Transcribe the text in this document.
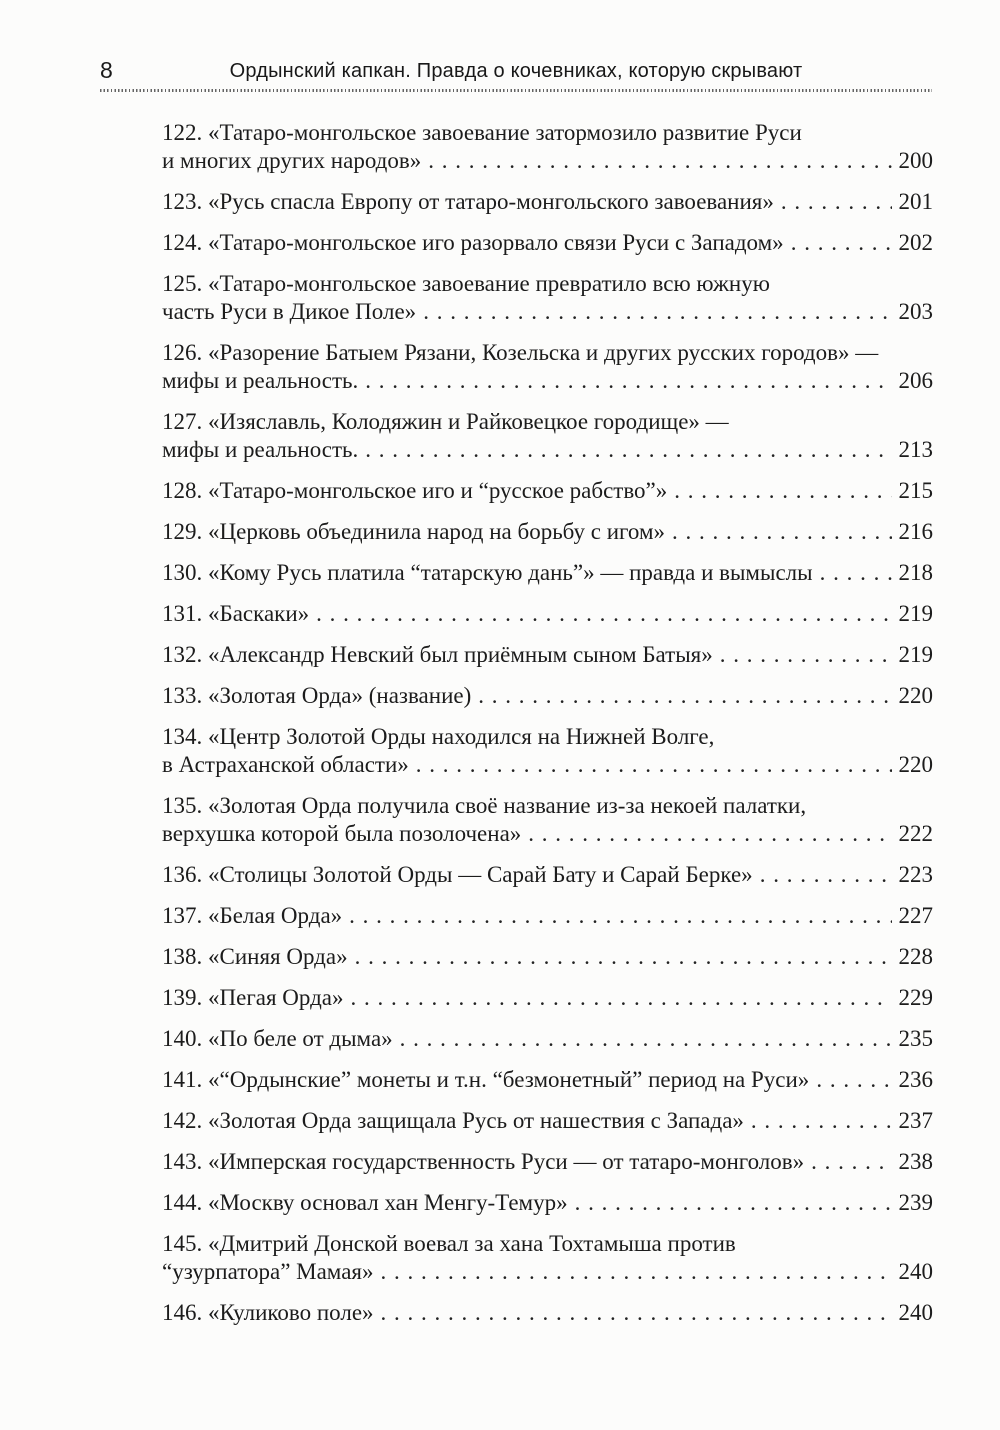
8	Ордынский капкан. Правда о кочевниках, которую скрывают
122. «Татаро-монгольское завоевание затормозило развитие Руси
и многих других народов» . . .	200
123. «Русь спасла Европу от татаро-монгольского завоевания» . . .	201
124. «Татаро-монгольское иго разорвало связи Руси с Западом» . . .	202
125. «Татаро-монгольское завоевание превратило всю южную
часть Руси в Дикое Поле» . . .	203
126. «Разорение Батыем Рязани, Козельска и других русских городов» —
мифы и реальность. . . .	206
127. «Изяславль, Колодяжин и Райковецкое городище» —
мифы и реальность. . . .	213
128. «Татаро-монгольское иго и “русское рабство”» . . .	215
129. «Церковь объединила народ на борьбу с игом» . . .	216
130. «Кому Русь платила “татарскую дань”» — правда и вымыслы . . .	218
131. «Баскаки» . . .	219
132. «Александр Невский был приёмным сыном Батыя» . . .	219
133. «Золотая Орда» (название) . . .	220
134. «Центр Золотой Орды находился на Нижней Волге,
в Астраханской области» . . .	220
135. «Золотая Орда получила своё название из-за некоей палатки,
верхушка которой была позолочена» . . .	222
136. «Столицы Золотой Орды — Сарай Бату и Сарай Берке» . . .	223
137. «Белая Орда» . . .	227
138. «Синяя Орда» . . .	228
139. «Пегая Орда» . . .	229
140. «По беле от дыма» . . .	235
141. «“Ордынские” монеты и т.н. “безмонетный” период на Руси» . . .	236
142. «Золотая Орда защищала Русь от нашествия с Запада» . . .	237
143. «Имперская государственность Руси — от татаро-монголов» . . .	238
144. «Москву основал хан Менгу-Темур» . . .	239
145. «Дмитрий Донской воевал за хана Тохтамыша против
“узурпатора” Мамая» . . .	240
146. «Куликово поле» . . .	240
